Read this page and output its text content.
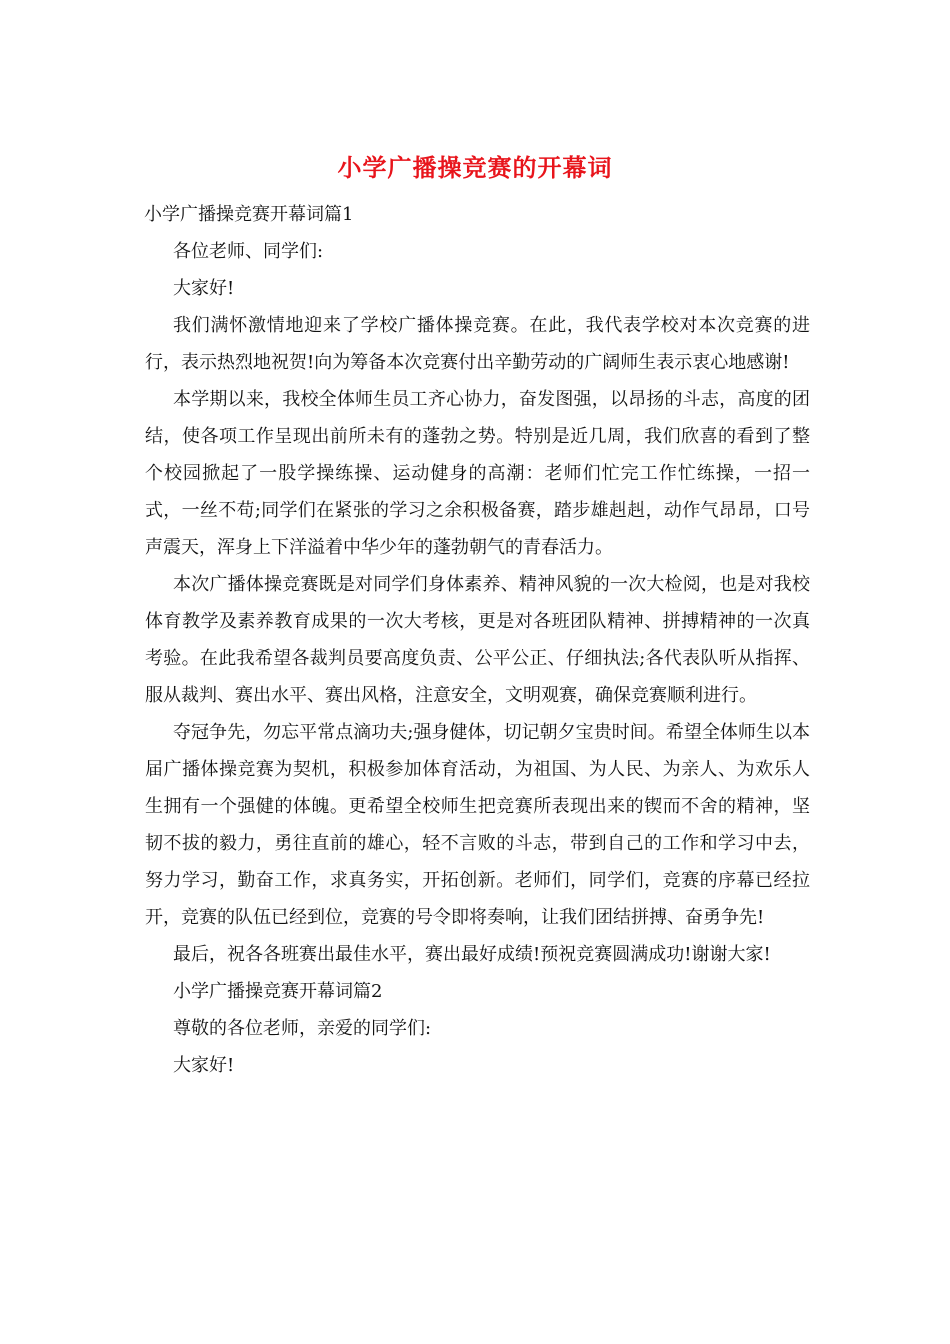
小学广播操竞赛的开幕词
小学广播操竞赛开幕词篇1

各位老师、同学们:

大家好!

我们满怀激情地迎来了学校广播体操竞赛。在此，我代表学校对本次竞赛的进行，表示热烈地祝贺!向为筹备本次竞赛付出辛勤劳动的广阔师生表示衷心地感谢!

本学期以来，我校全体师生员工齐心协力，奋发图强，以昂扬的斗志，高度的团结，使各项工作呈现出前所未有的蓬勃之势。特别是近几周，我们欣喜的看到了整个校园掀起了一股学操练操、运动健身的高潮：老师们忙完工作忙练操，一招一式，一丝不苟;同学们在紧张的学习之余积极备赛，踏步雄赳赳，动作气昂昂，口号声震天，浑身上下洋溢着中华少年的蓬勃朝气的青春活力。

本次广播体操竞赛既是对同学们身体素养、精神风貌的一次大检阅，也是对我校体育教学及素养教育成果的一次大考核，更是对各班团队精神、拼搏精神的一次真考验。在此我希望各裁判员要高度负责、公平公正、仔细执法;各代表队听从指挥、服从裁判、赛出水平、赛出风格，注意安全，文明观赛，确保竞赛顺利进行。

夺冠争先，勿忘平常点滴功夫;强身健体，切记朝夕宝贵时间。希望全体师生以本届广播体操竞赛为契机，积极参加体育活动，为祖国、为人民、为亲人、为欢乐人生拥有一个强健的体魄。更希望全校师生把竞赛所表现出来的锲而不舍的精神，坚韧不拔的毅力，勇往直前的雄心，轻不言败的斗志，带到自己的工作和学习中去，努力学习，勤奋工作，求真务实，开拓创新。老师们，同学们，竞赛的序幕已经拉开，竞赛的队伍已经到位，竞赛的号令即将奏响，让我们团结拼搏、奋勇争先!

最后，祝各各班赛出最佳水平，赛出最好成绩!预祝竞赛圆满成功!谢谢大家!

小学广播操竞赛开幕词篇2

尊敬的各位老师，亲爱的同学们:

大家好!
